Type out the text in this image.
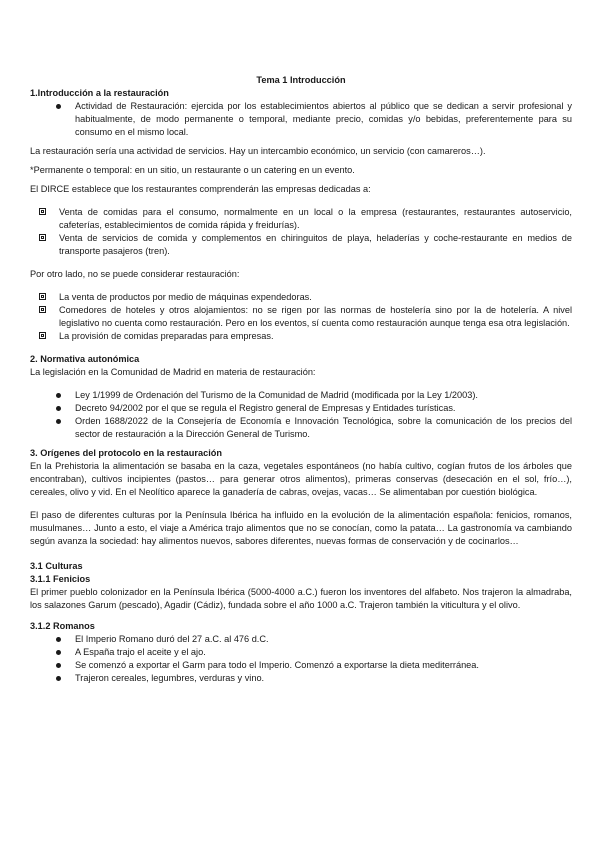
Tema 1 Introducción

1.Introducción a la restauración

Actividad de Restauración: ejercida por los establecimientos abiertos al público que se dedican a servir profesional y habitualmente, de modo permanente o temporal, mediante precio, comidas y/o bebidas, preferentemente para su consumo en el mismo local.

La restauración sería una actividad de servicios. Hay un intercambio económico, un servicio (con camareros…).

*Permanente o temporal: en un sitio, un restaurante o un catering en un evento.

El DIRCE establece que los restaurantes comprenderán las empresas dedicadas a:

Venta de comidas para el consumo, normalmente en un local o la empresa (restaurantes, restaurantes autoservicio, cafeterías, establecimientos de comida rápida y freidurías).
Venta de servicios de comida y complementos en chiringuitos de playa, heladerías y coche-restaurante en medios de transporte pasajeros (tren).

Por otro lado, no se puede considerar restauración:

La venta de productos por medio de máquinas expendedoras.
Comedores de hoteles y otros alojamientos: no se rigen por las normas de hostelería sino por la de hotelería. A nivel legislativo no cuenta como restauración. Pero en los eventos, sí cuenta como restauración aunque tenga esa otra legislación.
La provisión de comidas preparadas para empresas.

2. Normativa autonómica

La legislación en la Comunidad de Madrid en materia de restauración:

Ley 1/1999 de Ordenación del Turismo de la Comunidad de Madrid (modificada por la Ley 1/2003).
Decreto 94/2002 por el que se regula el Registro general de Empresas y Entidades turísticas.
Orden 1688/2022 de la Consejería de Economía e Innovación Tecnológica, sobre la comunicación de los precios del sector de restauración a la Dirección General de Turismo.

3. Orígenes del protocolo en la restauración

En la Prehistoria la alimentación se basaba en la caza, vegetales espontáneos (no había cultivo, cogían frutos de los árboles que encontraban), cultivos incipientes (pastos… para generar otros alimentos), primeras conservas (desecación en el sol, frío…), cereales, olivo y vid. En el Neolítico aparece la ganadería de cabras, ovejas, vacas… Se alimentaban por cuestión biológica.

El paso de diferentes culturas por la Península Ibérica ha influido en la evolución de la alimentación española: fenicios, romanos, musulmanes… Junto a esto, el viaje a América trajo alimentos que no se conocían, como la patata… La gastronomía va cambiando según avanza la sociedad: hay alimentos nuevos, sabores diferentes, nuevas formas de conservación y de cocinarlos…

3.1 Culturas

3.1.1 Fenicios

El primer pueblo colonizador en la Península Ibérica (5000-4000 a.C.) fueron los inventores del alfabeto. Nos trajeron la almadraba, los salazones Garum (pescado), Agadir (Cádiz), fundada sobre el año 1000 a.C. Trajeron también la viticultura y el olivo.

3.1.2 Romanos

El Imperio Romano duró del 27 a.C. al 476 d.C.
A España trajo el aceite y el ajo.
Se comenzó a exportar el Garm para todo el Imperio. Comenzó a exportarse la dieta mediterránea.
Trajeron cereales, legumbres, verduras y vino.
